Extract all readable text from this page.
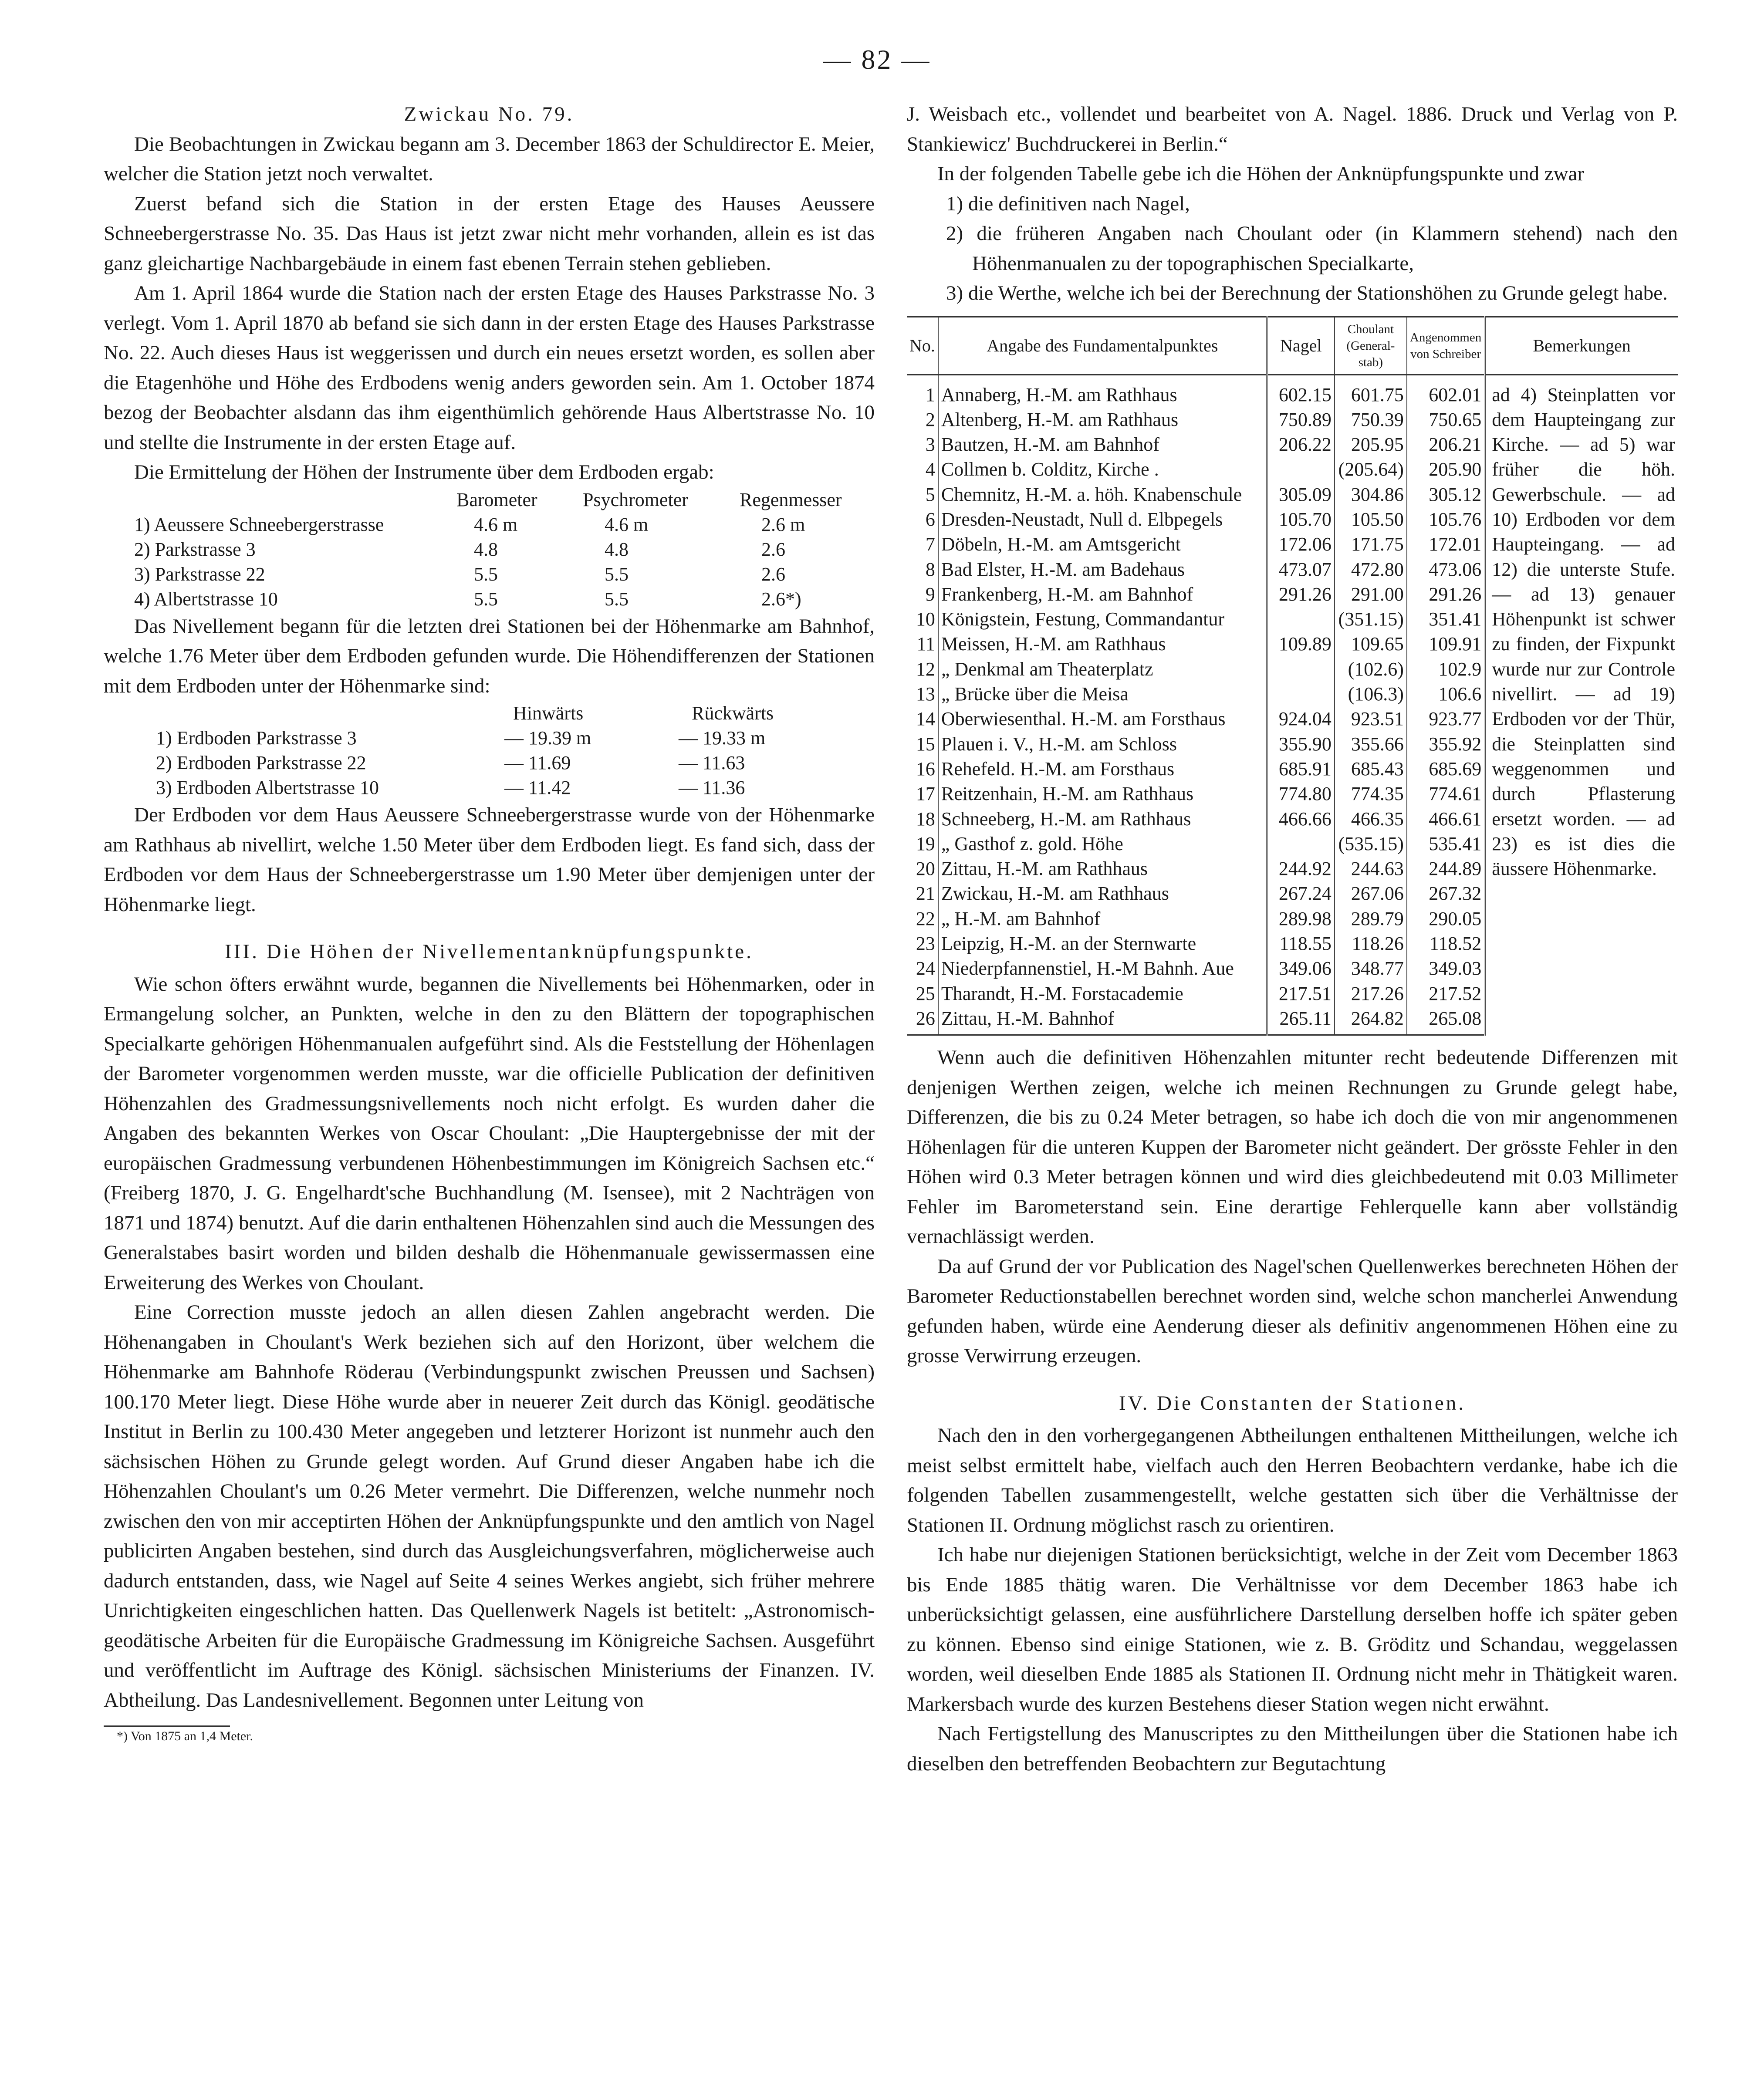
— 82 —

Zwickau No. 79.

Die Beobachtungen in Zwickau begann am 3. December 1863 der Schuldirector E. Meier, welcher die Station jetzt noch verwaltet.

Zuerst befand sich die Station in der ersten Etage des Hauses Aeussere Schneebergerstrasse No. 35. Das Haus ist jetzt zwar nicht mehr vorhanden, allein es ist das ganz gleichartige Nachbargebäude in einem fast ebenen Terrain stehen geblieben.

Am 1. April 1864 wurde die Station nach der ersten Etage des Hauses Parkstrasse No. 3 verlegt. Vom 1. April 1870 ab befand sie sich dann in der ersten Etage des Hauses Parkstrasse No. 22. Auch dieses Haus ist weggerissen und durch ein neues ersetzt worden, es sollen aber die Etagenhöhe und Höhe des Erdbodens wenig anders geworden sein. Am 1. October 1874 bezog der Beobachter alsdann das ihm eigenthümlich gehörende Haus Albertstrasse No. 10 und stellte die Instrumente in der ersten Etage auf.

Die Ermittelung der Höhen der Instrumente über dem Erdboden ergab:

	Barometer	Psychrometer	Regenmesser
1) Aeussere Schneebergerstrasse	4.6 m	4.6 m	2.6 m
2) Parkstrasse 3	4.8	4.8	2.6
3) Parkstrasse 22	5.5	5.5	2.6
4) Albertstrasse 10	5.5	5.5	2.6*)

Das Nivellement begann für die letzten drei Stationen bei der Höhenmarke am Bahnhof, welche 1.76 Meter über dem Erdboden gefunden wurde. Die Höhendifferenzen der Stationen mit dem Erdboden unter der Höhenmarke sind:

	Hinwärts	Rückwärts
1) Erdboden Parkstrasse 3	— 19.39 m	— 19.33 m
2) Erdboden Parkstrasse 22	— 11.69	— 11.63
3) Erdboden Albertstrasse 10	— 11.42	— 11.36

Der Erdboden vor dem Haus Aeussere Schneebergerstrasse wurde von der Höhenmarke am Rathhaus ab nivellirt, welche 1.50 Meter über dem Erdboden liegt. Es fand sich, dass der Erdboden vor dem Haus der Schneebergerstrasse um 1.90 Meter über demjenigen unter der Höhenmarke liegt.

III. Die Höhen der Nivellementanknüpfungspunkte.

Wie schon öfters erwähnt wurde, begannen die Nivellements bei Höhenmarken, oder in Ermangelung solcher, an Punkten, welche in den zu den Blättern der topographischen Specialkarte gehörigen Höhenmanualen aufgeführt sind. Als die Feststellung der Höhenlagen der Barometer vorgenommen werden musste, war die officielle Publication der definitiven Höhenzahlen des Gradmessungsnivellements noch nicht erfolgt. Es wurden daher die Angaben des bekannten Werkes von Oscar Choulant: „Die Hauptergebnisse der mit der europäischen Gradmessung verbundenen Höhenbestimmungen im Königreich Sachsen etc.“ (Freiberg 1870, J. G. Engelhardt'sche Buchhandlung (M. Isensee), mit 2 Nachträgen von 1871 und 1874) benutzt. Auf die darin enthaltenen Höhenzahlen sind auch die Messungen des Generalstabes basirt worden und bilden deshalb die Höhenmanuale gewissermassen eine Erweiterung des Werkes von Choulant.

Eine Correction musste jedoch an allen diesen Zahlen angebracht werden. Die Höhenangaben in Choulant's Werk beziehen sich auf den Horizont, über welchem die Höhenmarke am Bahnhofe Röderau (Verbindungspunkt zwischen Preussen und Sachsen) 100.170 Meter liegt. Diese Höhe wurde aber in neuerer Zeit durch das Königl. geodätische Institut in Berlin zu 100.430 Meter angegeben und letzterer Horizont ist nunmehr auch den sächsischen Höhen zu Grunde gelegt worden. Auf Grund dieser Angaben habe ich die Höhenzahlen Choulant's um 0.26 Meter vermehrt. Die Differenzen, welche nunmehr noch zwischen den von mir acceptirten Höhen der Anknüpfungspunkte und den amtlich von Nagel publicirten Angaben bestehen, sind durch das Ausgleichungsverfahren, möglicherweise auch dadurch entstanden, dass, wie Nagel auf Seite 4 seines Werkes angiebt, sich früher mehrere Unrichtigkeiten eingeschlichen hatten. Das Quellenwerk Nagels ist betitelt: „Astronomisch-geodätische Arbeiten für die Europäische Gradmessung im Königreiche Sachsen. Ausgeführt und veröffentlicht im Auftrage des Königl. sächsischen Ministeriums der Finanzen. IV. Abtheilung. Das Landesnivellement. Begonnen unter Leitung von

*) Von 1875 an 1,4 Meter.

J. Weisbach etc., vollendet und bearbeitet von A. Nagel. 1886. Druck und Verlag von P. Stankiewicz' Buchdruckerei in Berlin.“

In der folgenden Tabelle gebe ich die Höhen der Anknüpfungspunkte und zwar

1) die definitiven nach Nagel,

2) die früheren Angaben nach Choulant oder (in Klammern stehend) nach den Höhenmanualen zu der topographischen Specialkarte,

3) die Werthe, welche ich bei der Berechnung der Stationshöhen zu Grunde gelegt habe.

No.	Angabe des Fundamentalpunktes	Nagel	Choulant (General-stab)	Angenommen von Schreiber	Bemerkungen
1	Annaberg, H.-M. am Rathhaus	602.15	601.75	602.01	ad 4) Steinplatten vor dem Haupteingang zur Kirche. — ad 5) war früher die höh. Gewerbschule. — ad 10) Erdboden vor dem Haupteingang. — ad 12) die unterste Stufe. — ad 13) genauer Höhenpunkt ist schwer zu finden, der Fixpunkt wurde nur zur Controle nivellirt. — ad 19) Erdboden vor der Thür, die Steinplatten sind weggenommen und durch Pflasterung ersetzt worden. — ad 23) es ist dies die äussere Höhenmarke.
2	Altenberg, H.-M. am Rathhaus	750.89	750.39	750.65	
3	Bautzen, H.-M. am Bahnhof	206.22	205.95	206.21	
4	Collmen b. Colditz, Kirche .		(205.64)	205.90	
5	Chemnitz, H.-M. a. höh. Knabenschule	305.09	304.86	305.12	
6	Dresden-Neustadt, Null d. Elbpegels	105.70	105.50	105.76	
7	Döbeln, H.-M. am Amtsgericht	172.06	171.75	172.01	
8	Bad Elster, H.-M. am Badehaus	473.07	472.80	473.06	
9	Frankenberg, H.-M. am Bahnhof	291.26	291.00	291.26	
10	Königstein, Festung, Commandantur		(351.15)	351.41	
11	Meissen, H.-M. am Rathhaus	109.89	109.65	109.91	
12	„ Denkmal am Theaterplatz		(102.6)	102.9	
13	„ Brücke über die Meisa		(106.3)	106.6	
14	Oberwiesenthal. H.-M. am Forsthaus	924.04	923.51	923.77	
15	Plauen i. V., H.-M. am Schloss	355.90	355.66	355.92	
16	Rehefeld. H.-M. am Forsthaus	685.91	685.43	685.69	
17	Reitzenhain, H.-M. am Rathhaus	774.80	774.35	774.61	
18	Schneeberg, H.-M. am Rathhaus	466.66	466.35	466.61	
19	„ Gasthof z. gold. Höhe		(535.15)	535.41	
20	Zittau, H.-M. am Rathhaus	244.92	244.63	244.89	
21	Zwickau, H.-M. am Rathhaus	267.24	267.06	267.32	
22	„ H.-M. am Bahnhof	289.98	289.79	290.05	
23	Leipzig, H.-M. an der Sternwarte	118.55	118.26	118.52	
24	Niederpfannenstiel, H.-M Bahnh. Aue	349.06	348.77	349.03	
25	Tharandt, H.-M. Forstacademie	217.51	217.26	217.52	
26	Zittau, H.-M. Bahnhof	265.11	264.82	265.08	

Wenn auch die definitiven Höhenzahlen mitunter recht bedeutende Differenzen mit denjenigen Werthen zeigen, welche ich meinen Rechnungen zu Grunde gelegt habe, Differenzen, die bis zu 0.24 Meter betragen, so habe ich doch die von mir angenommenen Höhenlagen für die unteren Kuppen der Barometer nicht geändert. Der grösste Fehler in den Höhen wird 0.3 Meter betragen können und wird dies gleichbedeutend mit 0.03 Millimeter Fehler im Barometerstand sein. Eine derartige Fehlerquelle kann aber vollständig vernachlässigt werden.

Da auf Grund der vor Publication des Nagel'schen Quellenwerkes berechneten Höhen der Barometer Reductionstabellen berechnet worden sind, welche schon mancherlei Anwendung gefunden haben, würde eine Aenderung dieser als definitiv angenommenen Höhen eine zu grosse Verwirrung erzeugen.

IV. Die Constanten der Stationen.

Nach den in den vorhergegangenen Abtheilungen enthaltenen Mittheilungen, welche ich meist selbst ermittelt habe, vielfach auch den Herren Beobachtern verdanke, habe ich die folgenden Tabellen zusammengestellt, welche gestatten sich über die Verhältnisse der Stationen II. Ordnung möglichst rasch zu orientiren.

Ich habe nur diejenigen Stationen berücksichtigt, welche in der Zeit vom December 1863 bis Ende 1885 thätig waren. Die Verhältnisse vor dem December 1863 habe ich unberücksichtigt gelassen, eine ausführlichere Darstellung derselben hoffe ich später geben zu können. Ebenso sind einige Stationen, wie z. B. Gröditz und Schandau, weggelassen worden, weil dieselben Ende 1885 als Stationen II. Ordnung nicht mehr in Thätigkeit waren. Markersbach wurde des kurzen Bestehens dieser Station wegen nicht erwähnt.

Nach Fertigstellung des Manuscriptes zu den Mittheilungen über die Stationen habe ich dieselben den betreffenden Beobachtern zur Begutachtung
